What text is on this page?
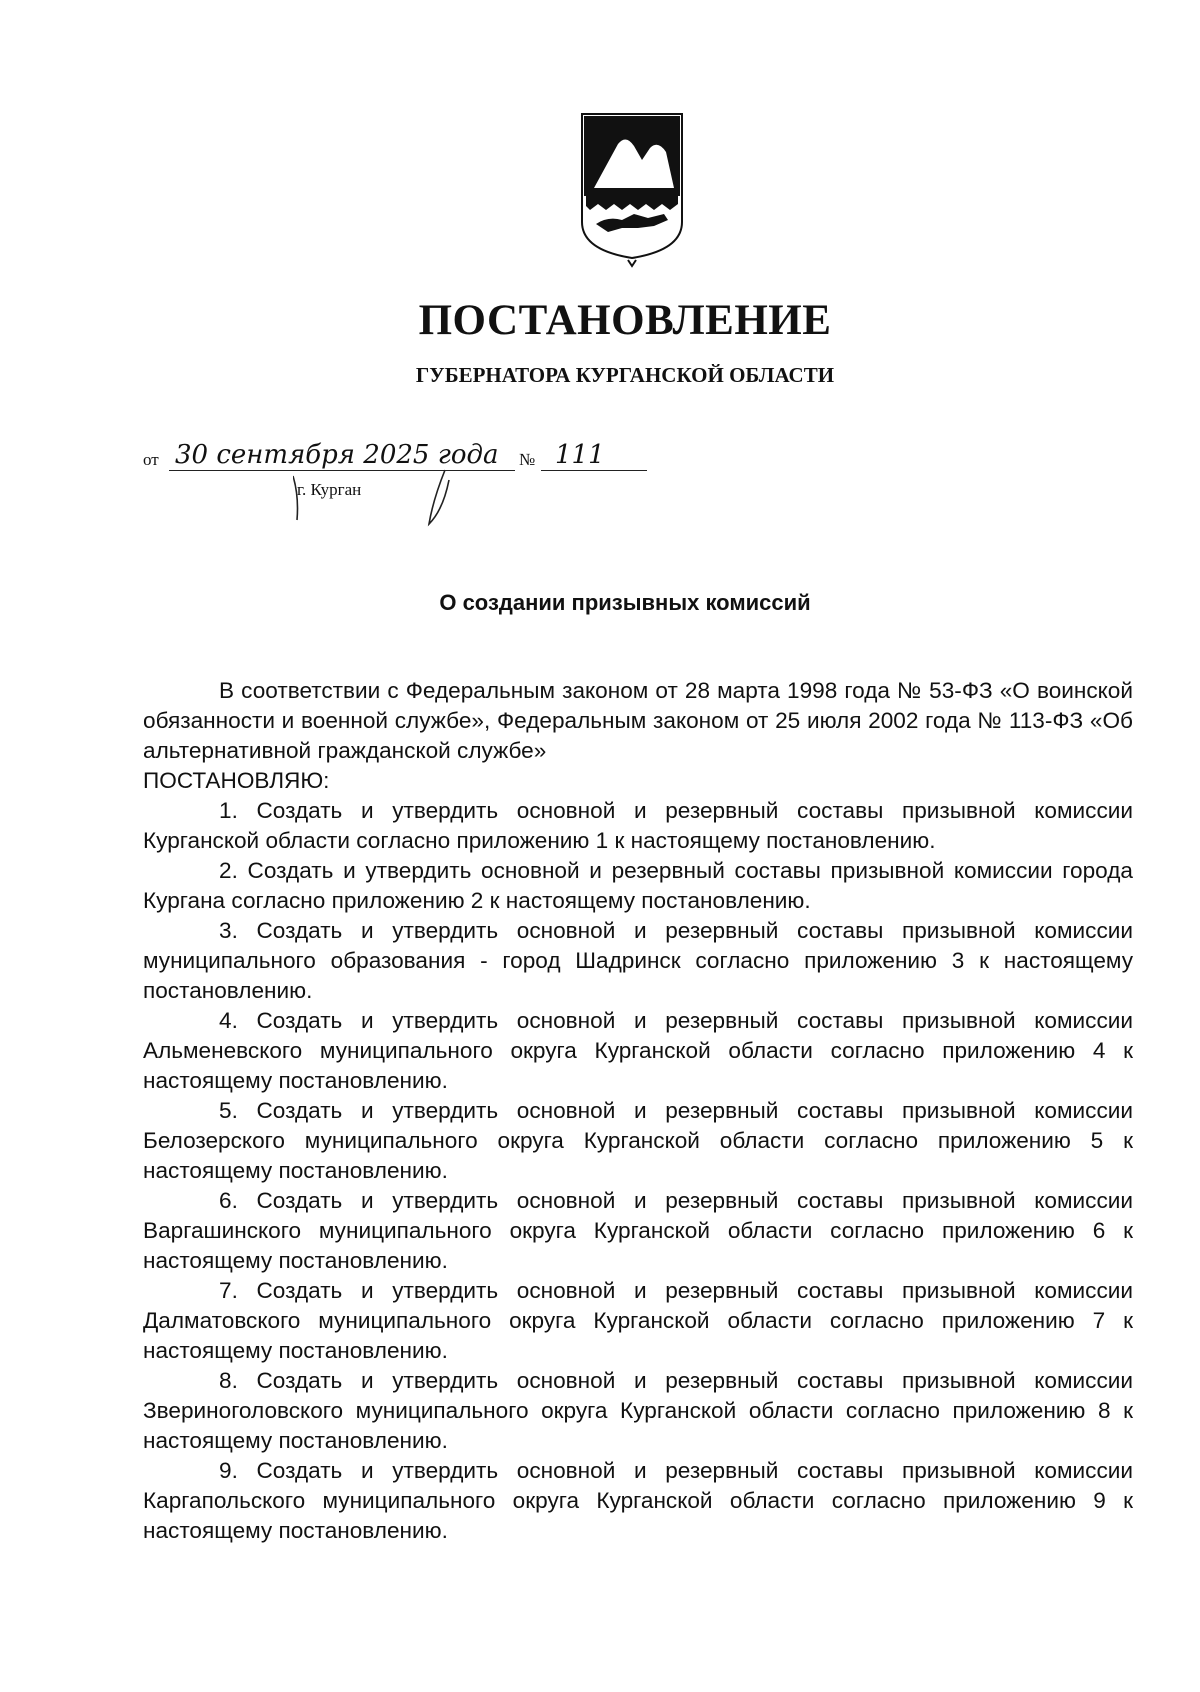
ПОСТАНОВЛЕНИЕ
ГУБЕРНАТОРА КУРГАНСКОЙ ОБЛАСТИ
от 30 сентября 2025 года	№ 111
г. Курган
О создании призывных комиссий

В соответствии с Федеральным законом от 28 марта 1998 года № 53-ФЗ «О воинской обязанности и военной службе», Федеральным законом от 25 июля 2002 года № 113-ФЗ «Об альтернативной гражданской службе»

ПОСТАНОВЛЯЮ:

1. Создать и утвердить основной и резервный составы призывной комиссии Курганской области согласно приложению 1 к настоящему постановлению.

2. Создать и утвердить основной и резервный составы призывной комиссии города Кургана согласно приложению 2 к настоящему постановлению.

3. Создать и утвердить основной и резервный составы призывной комиссии муниципального образования - город Шадринск согласно приложению 3 к настоящему постановлению.

4. Создать и утвердить основной и резервный составы призывной комиссии Альменевского муниципального округа Курганской области согласно приложению 4 к настоящему постановлению.

5. Создать и утвердить основной и резервный составы призывной комиссии Белозерского муниципального округа Курганской области согласно приложению 5 к настоящему постановлению.

6. Создать и утвердить основной и резервный составы призывной комиссии Варгашинского муниципального округа Курганской области согласно приложению 6 к настоящему постановлению.

7. Создать и утвердить основной и резервный составы призывной комиссии Далматовского муниципального округа Курганской области согласно приложению 7 к настоящему постановлению.

8. Создать и утвердить основной и резервный составы призывной комиссии Звериноголовского муниципального округа Курганской области согласно приложению 8 к настоящему постановлению.

9. Создать и утвердить основной и резервный составы призывной комиссии Каргапольского муниципального округа Курганской области согласно приложению 9 к настоящему постановлению.
